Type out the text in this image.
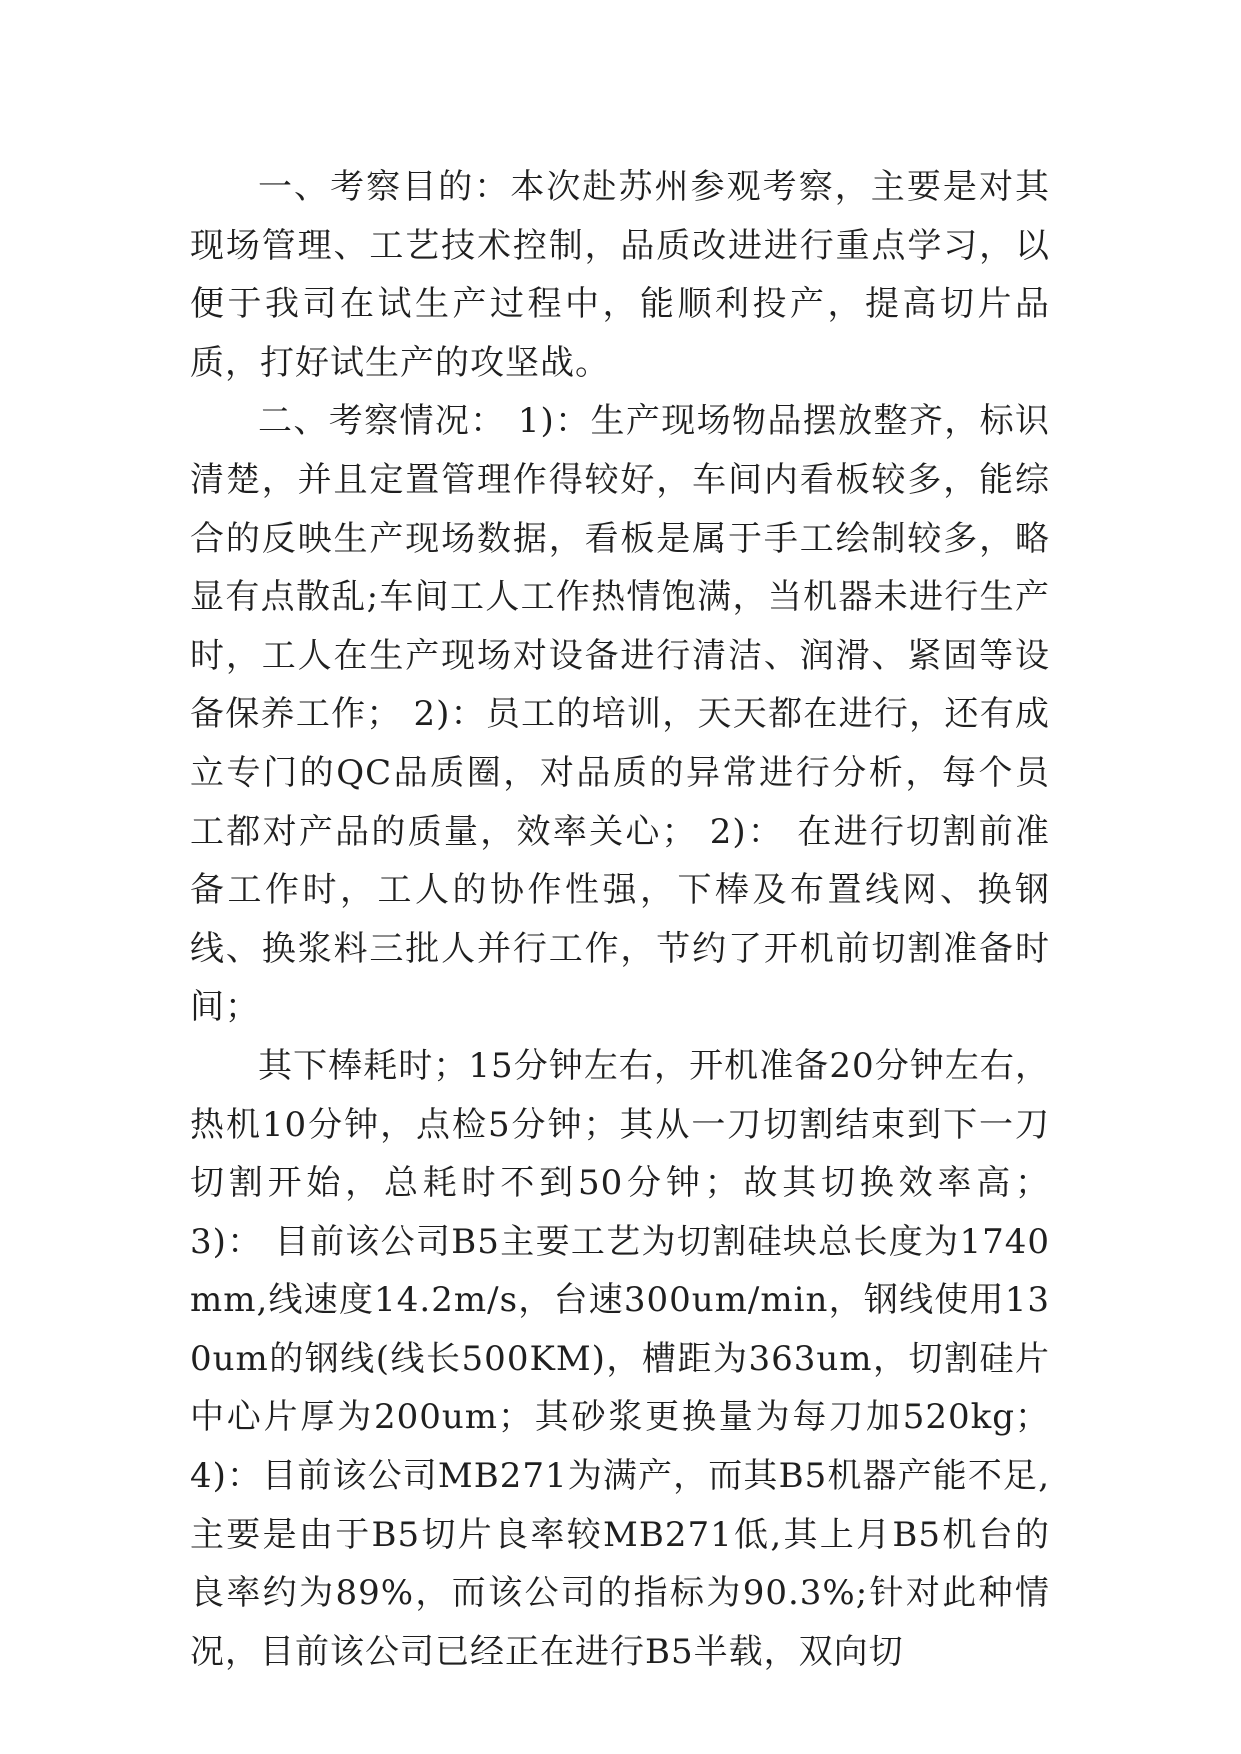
一、考察目的：本次赴苏州参观考察，主要是对其现场管理、工艺技术控制，品质改进进行重点学习，以便于我司在试生产过程中，能顺利投产，提高切片品质，打好试生产的攻坚战。

二、考察情况： 1)：生产现场物品摆放整齐，标识清楚，并且定置管理作得较好，车间内看板较多，能综合的反映生产现场数据，看板是属于手工绘制较多，略显有点散乱;车间工人工作热情饱满，当机器未进行生产时，工人在生产现场对设备进行清洁、润滑、紧固等设备保养工作； 2)：员工的培训，天天都在进行，还有成立专门的QC品质圈，对品质的异常进行分析，每个员工都对产品的质量，效率关心； 2)： 在进行切割前准备工作时，工人的协作性强，下棒及布置线网、换钢线、换浆料三批人并行工作，节约了开机前切割准备时间；

其下棒耗时；15分钟左右，开机准备20分钟左右，热机10分钟，点检5分钟；其从一刀切割结束到下一刀切割开始，总耗时不到50分钟；故其切换效率高； 3)： 目前该公司B5主要工艺为切割硅块总长度为1740mm,线速度14.2m/s，台速300um/min，钢线使用130um的钢线(线长500KM)，槽距为363um，切割硅片中心片厚为200um；其砂浆更换量为每刀加520kg； 4)：目前该公司MB271为满产，而其B5机器产能不足,主要是由于B5切片良率较MB271低,其上月B5机台的良率约为89%，而该公司的指标为90.3%;针对此种情况，目前该公司已经正在进行B5半载，双向切
